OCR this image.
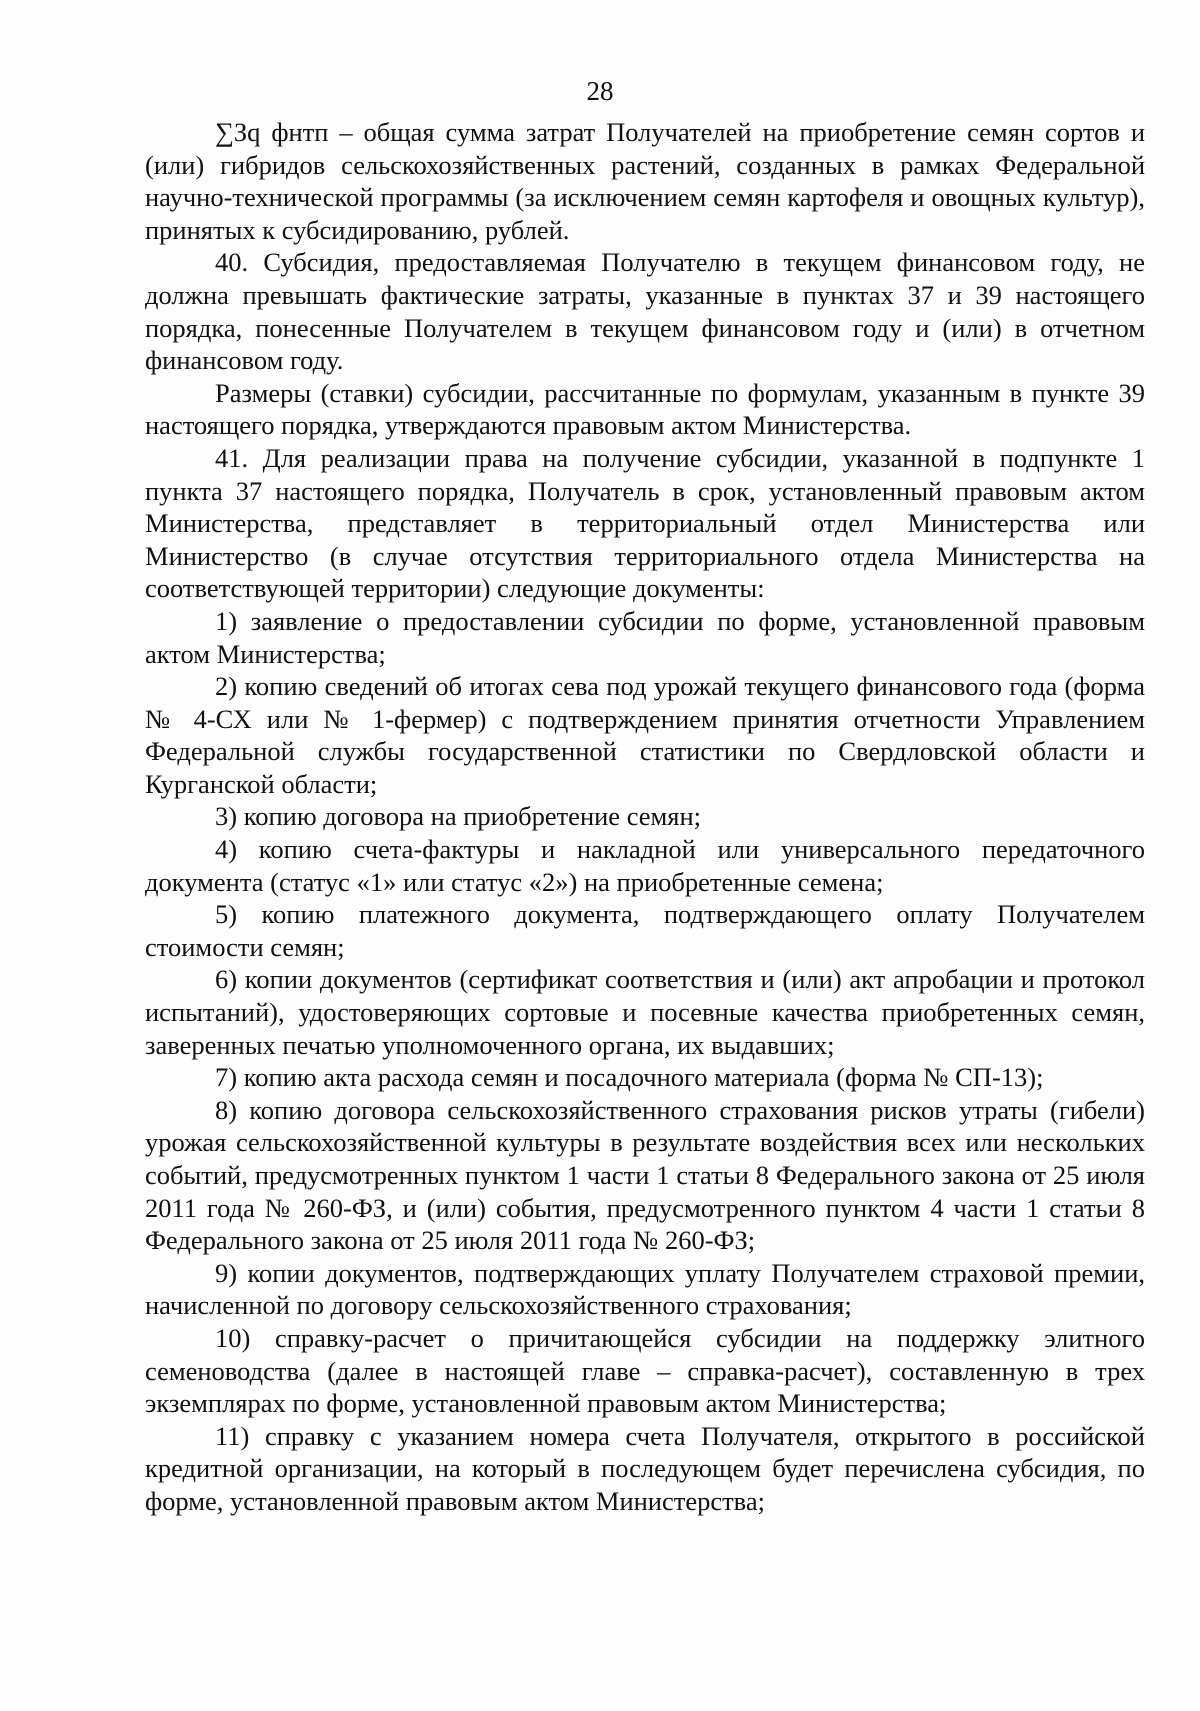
28

∑Зq фнтп – общая сумма затрат Получателей на приобретение семян сортов и (или) гибридов сельскохозяйственных растений, созданных в рамках Федеральной научно-технической программы (за исключением семян картофеля и овощных культур), принятых к субсидированию, рублей.

40. Субсидия, предоставляемая Получателю в текущем финансовом году, не должна превышать фактические затраты, указанные в пунктах 37 и 39 настоящего порядка, понесенные Получателем в текущем финансовом году и (или) в отчетном финансовом году.

Размеры (ставки) субсидии, рассчитанные по формулам, указанным в пункте 39 настоящего порядка, утверждаются правовым актом Министерства.

41. Для реализации права на получение субсидии, указанной в подпункте 1 пункта 37 настоящего порядка, Получатель в срок, установленный правовым актом Министерства, представляет в территориальный отдел Министерства или Министерство (в случае отсутствия территориального отдела Министерства на соответствующей территории) следующие документы:

1) заявление о предоставлении субсидии по форме, установленной правовым актом Министерства;

2) копию сведений об итогах сева под урожай текущего финансового года (форма № 4-СХ или № 1-фермер) с подтверждением принятия отчетности Управлением Федеральной службы государственной статистики по Свердловской области и Курганской области;

3) копию договора на приобретение семян;

4) копию счета-фактуры и накладной или универсального передаточного документа (статус «1» или статус «2») на приобретенные семена;

5) копию платежного документа, подтверждающего оплату Получателем стоимости семян;

6) копии документов (сертификат соответствия и (или) акт апробации и протокол испытаний), удостоверяющих сортовые и посевные качества приобретенных семян, заверенных печатью уполномоченного органа, их выдавших;

7) копию акта расхода семян и посадочного материала (форма № СП-13);

8) копию договора сельскохозяйственного страхования рисков утраты (гибели) урожая сельскохозяйственной культуры в результате воздействия всех или нескольких событий, предусмотренных пунктом 1 части 1 статьи 8 Федерального закона от 25 июля 2011 года № 260-ФЗ, и (или) события, предусмотренного пунктом 4 части 1 статьи 8 Федерального закона от 25 июля 2011 года № 260-ФЗ;

9) копии документов, подтверждающих уплату Получателем страховой премии, начисленной по договору сельскохозяйственного страхования;

10) справку-расчет о причитающейся субсидии на поддержку элитного семеноводства (далее в настоящей главе – справка-расчет), составленную в трех экземплярах по форме, установленной правовым актом Министерства;

11) справку с указанием номера счета Получателя, открытого в российской кредитной организации, на который в последующем будет перечислена субсидия, по форме, установленной правовым актом Министерства;
